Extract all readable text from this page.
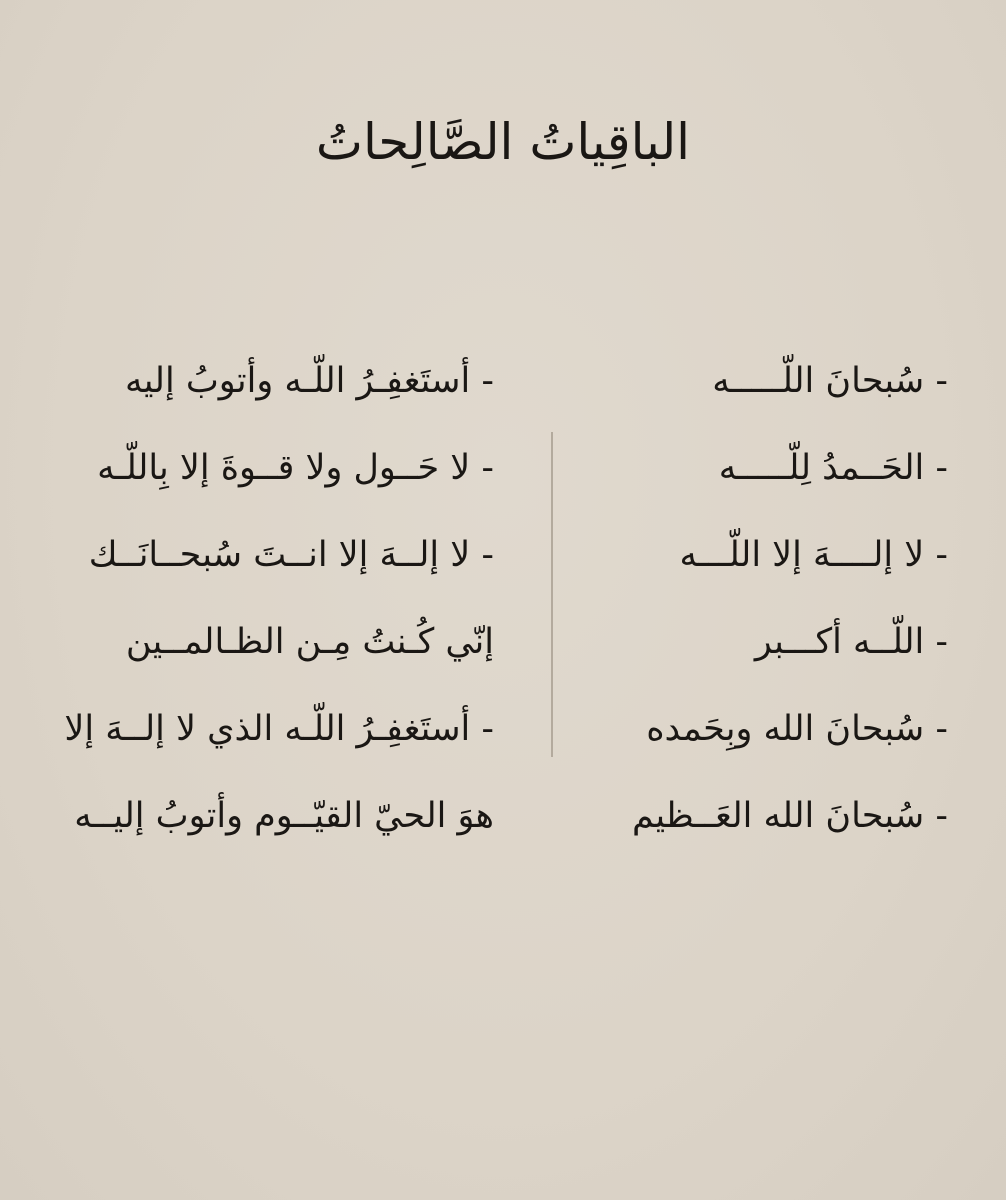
الباقِياتُ الصَّالِحاتُ
- سُبحانَ اللّـــــه
- الحَــمدُ لِلّـــــه
- لا إلــــهَ إلا اللّـــه
- اللّــه أكـــبر
- سُبحانَ الله وبِحَمده
- سُبحانَ الله العَــظيم
- أستَغفِـرُ اللّـه وأتوبُ إليه
- لا حَــول ولا قــوةَ إلا بِاللّـه
- لا إلــهَ إلا انــتَ سُبحــانَــك
إنّي كُـنتُ مِـن الظـالمــين
- أستَغفِـرُ اللّـه الذي لا إلــهَ إلا
هوَ الحيّ القيّــوم وأتوبُ إليــه
